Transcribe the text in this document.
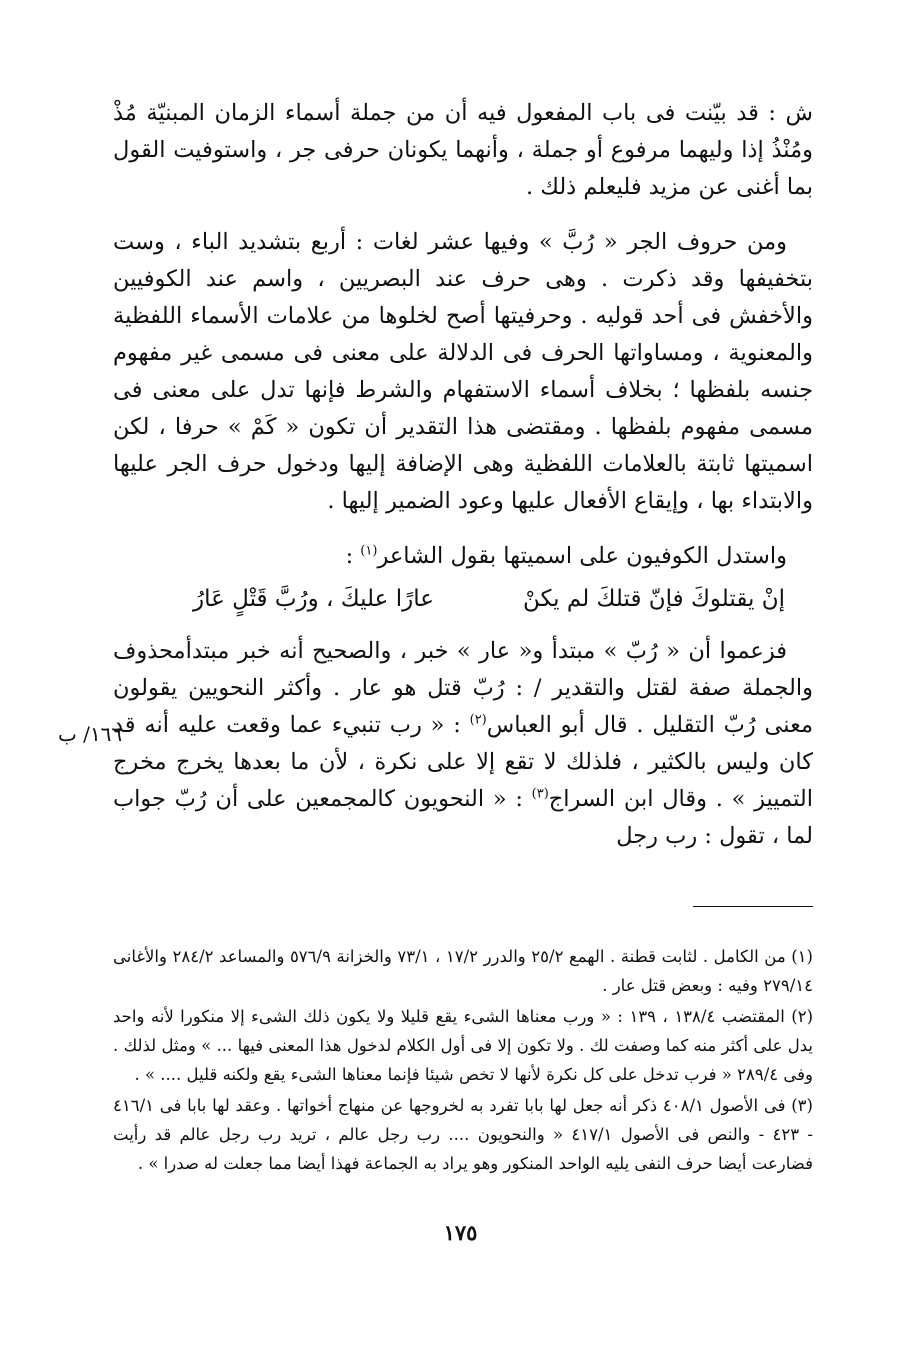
ش : قد بيّنت فى باب المفعول فيه أن من جملة أسماء الزمان المبنيّة مُذْ ومُنْذُ إذا وليهما مرفوع أو جملة ، وأنهما يكونان حرفى جر ، واستوفيت القول بما أغنى عن مزيد فليعلم ذلك .

ومن حروف الجر « رُبَّ » وفيها عشر لغات : أربع بتشديد الباء ، وست بتخفيفها وقد ذكرت . وهى حرف عند البصريين ، واسم عند الكوفيين والأخفش فى أحد قوليه . وحرفيتها أصح لخلوها من علامات الأسماء اللفظية والمعنوية ، ومساواتها الحرف فى الدلالة على معنى فى مسمى غير مفهوم جنسه بلفظها ؛ بخلاف أسماء الاستفهام والشرط فإنها تدل على معنى فى مسمى مفهوم بلفظها . ومقتضى هذا التقدير أن تكون « كَمْ » حرفا ، لكن اسميتها ثابتة بالعلامات اللفظية وهى الإضافة إليها ودخول حرف الجر عليها والابتداء بها ، وإيقاع الأفعال عليها وعود الضمير إليها .

واستدل الكوفيون على اسميتها بقول الشاعر$^{(١)}$ :

إنْ يقتلوكَ فإنّ قتلكَ لم يكنْ
عارًا عليكَ ، ورُبَّ قَتْلٍ عَارُ

فزعموا أن « رُبّ » مبتدأ و« عار » خبر ، والصحيح أنه خبر مبتدأمحذوف والجملة صفة لقتل والتقدير / : رُبّ قتل هو عار . وأكثر النحويين يقولون معنى رُبّ التقليل . قال أبو العباس$^{(٢)}$ : « رب تنبيء عما وقعت عليه أنه قد كان وليس بالكثير ، فلذلك لا تقع إلا على نكرة ، لأن ما بعدها يخرج مخرج التمييز » . وقال ابن السراج$^{(٣)}$ : « النحويون كالمجمعين على أن رُبّ جواب لما ، تقول : رب رجل

١٦٦/ ب

(١) من الكامل . لثابت قطنة . الهمع ٢٥/٢ والدرر ١٧/٢ ، ٧٣/١ والخزانة ٥٧٦/٩ والمساعد ٢٨٤/٢ والأغانى ٢٧٩/١٤ وفيه : وبعض قتل عار .

(٢) المقتضب ١٣٨/٤ ، ١٣٩ : « ورب معناها الشىء يقع قليلا ولا يكون ذلك الشىء إلا منكورا لأنه واحد يدل على أكثر منه كما وصفت لك . ولا تكون إلا فى أول الكلام لدخول هذا المعنى فيها ... » ومثل لذلك . وفى ٢٨٩/٤ « فرب تدخل على كل نكرة لأنها لا تخص شيئا فإنما معناها الشىء يقع ولكنه قليل .... » .

(٣) فى الأصول ٤٠٨/١ ذكر أنه جعل لها بابا تفرد به لخروجها عن منهاج أخواتها . وعقد لها بابا فى ٤١٦/١ - ٤٢٣ - والنص فى الأصول ٤١٧/١ « والنحويون .... رب رجل عالم ، تريد رب رجل عالم قد رأيت فضارعت أيضا حرف النفى يليه الواحد المنكور وهو يراد به الجماعة فهذا أيضا مما جعلت له صدرا » .

١٧٥
